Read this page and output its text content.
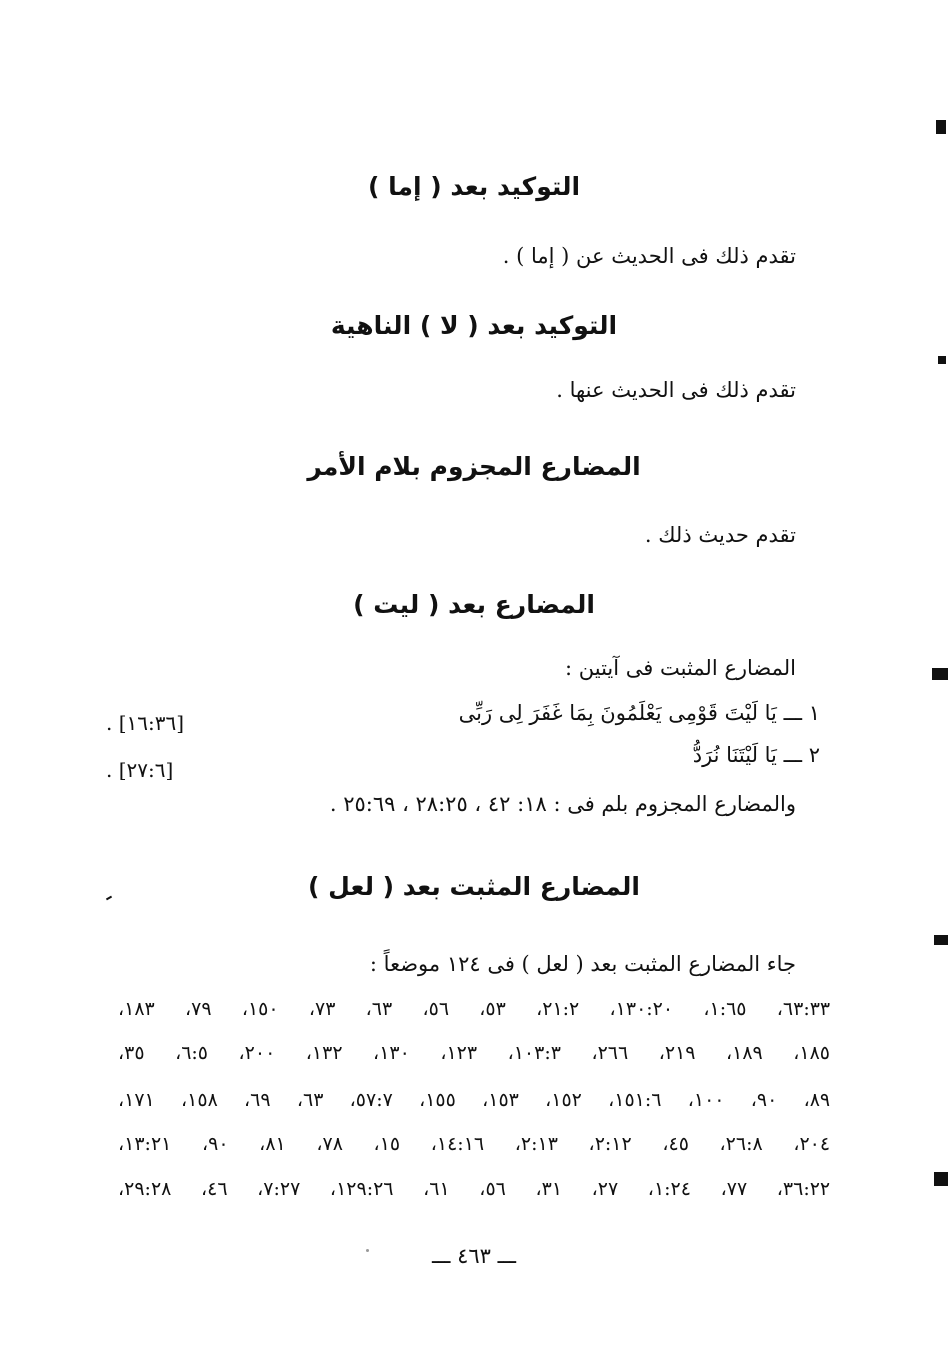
التوكيد بعد ( إما )
تقدم ذلك فى الحديث عن ( إما ) .
التوكيد بعد ( لا ) الناهية
تقدم ذلك فى الحديث عنها .
المضارع المجزوم بلام الأمر
تقدم حديث ذلك .
المضارع بعد ( ليت )
المضارع المثبت فى آيتين :
١ ـــ يَا لَيْتَ قَوْمِى يَعْلَمُونَ بِمَا غَفَرَ لِى رَبِّى
[١٦:٣٦] .
٢ ـــ يَا لَيْتَنَا نُرَدُّ
[٢٧:٦] .
والمضارع المجزوم بلم فى : ١٨: ٤٢ ، ٢٨:٢٥ ، ٢٥:٦٩ .
المضارع المثبت بعد ( لعل )
جاء المضارع المثبت بعد ( لعل ) فى ١٢٤ موضعاً :
٦٣:٣٣، ١:٦٥، ١٣٠:٢٠، ٢١:٢، ٥٣، ٥٦، ٦٣، ٧٣، ١٥٠، ٧٩، ١٨٣،
١٨٥، ١٨٩، ٢١٩، ٢٦٦، ١٠٣:٣، ١٢٣، ١٣٠، ١٣٢، ٢٠٠، ٦:٥، ٣٥،
٨٩، ٩٠، ١٠٠، ١٥١:٦، ١٥٢، ١٥٣، ١٥٥، ٥٧:٧، ٦٣، ٦٩، ١٥٨، ١٧١،
٢٠٤، ٢٦:٨، ٤٥، ٢:١٢، ٢:١٣، ١٤:١٦، ١٥، ٧٨، ٨١، ٩٠، ١٣:٢١،
٣٦:٢٢، ٧٧، ١:٢٤، ٢٧، ٣١، ٥٦، ٦١، ١٢٩:٢٦، ٧:٢٧، ٤٦، ٢٩:٢٨،
ـــ ٤٦٣ ـــ
